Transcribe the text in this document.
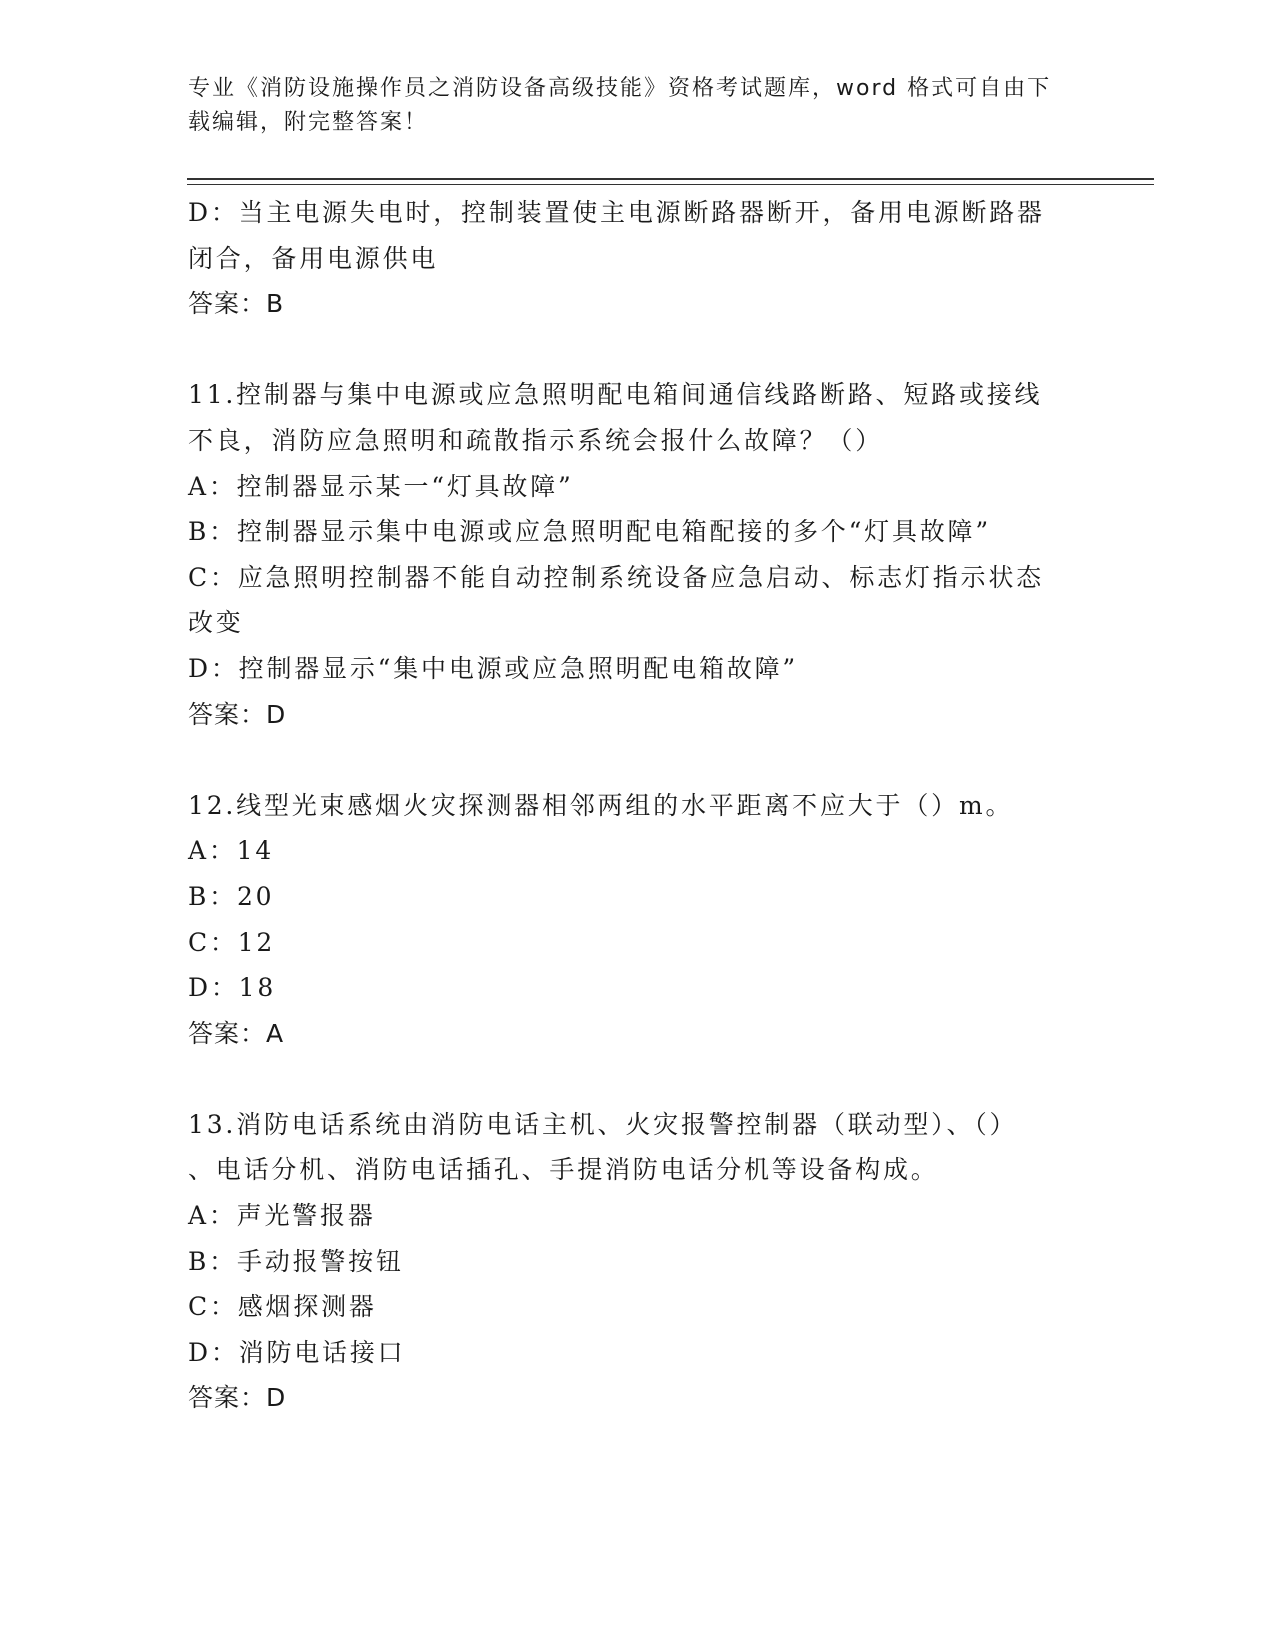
专业《消防设施操作员之消防设备高级技能》资格考试题库，word 格式可自由下
载编辑，附完整答案！
D：当主电源失电时，控制装置使主电源断路器断开，备用电源断路器
闭合，备用电源供电
答案：B
11.控制器与集中电源或应急照明配电箱间通信线路断路、短路或接线
不良，消防应急照明和疏散指示系统会报什么故障？（）
A：控制器显示某一“灯具故障”
B：控制器显示集中电源或应急照明配电箱配接的多个“灯具故障”
C：应急照明控制器不能自动控制系统设备应急启动、标志灯指示状态
改变
D：控制器显示“集中电源或应急照明配电箱故障”
答案：D
12.线型光束感烟火灾探测器相邻两组的水平距离不应大于（）m。
A：14
B：20
C：12
D：18
答案：A
13.消防电话系统由消防电话主机、火灾报警控制器（联动型）、（）
、电话分机、消防电话插孔、手提消防电话分机等设备构成。
A：声光警报器
B：手动报警按钮
C：感烟探测器
D：消防电话接口
答案：D
